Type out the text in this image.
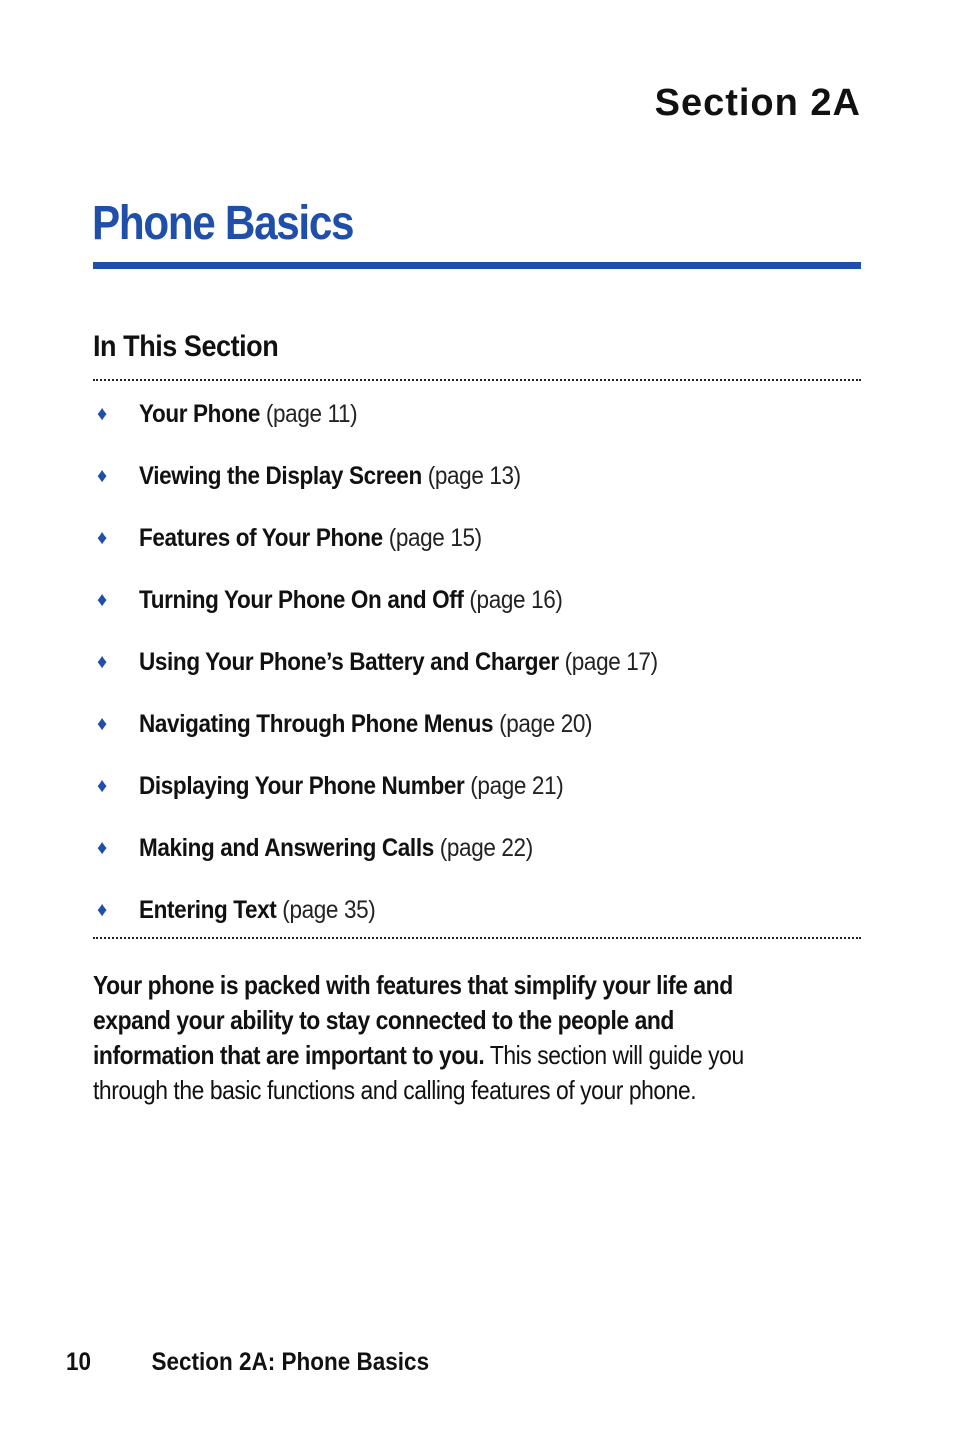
Section 2A
Phone Basics
In This Section
♦	Your Phone (page 11)
♦	Viewing the Display Screen (page 13)
♦	Features of Your Phone (page 15)
♦	Turning Your Phone On and Off (page 16)
♦	Using Your Phone’s Battery and Charger (page 17)
♦	Navigating Through Phone Menus (page 20)
♦	Displaying Your Phone Number (page 21)
♦	Making and Answering Calls (page 22)
♦	Entering Text (page 35)

Your phone is packed with features that simplify your life and expand your ability to stay connected to the people and information that are important to you. This section will guide you through the basic functions and calling features of your phone.

10 Section 2A: Phone Basics
